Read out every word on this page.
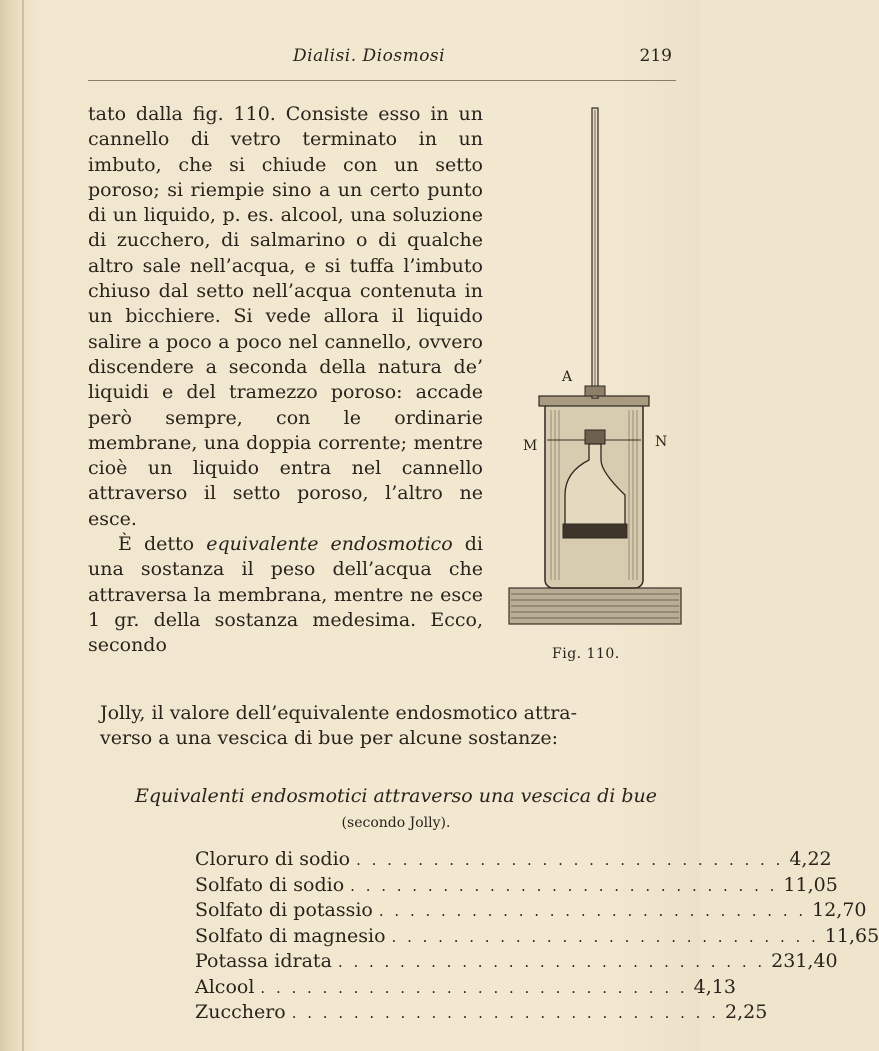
Dialisi. Diosmosi	219

tato dalla fig. 110. Consiste esso in un cannello di vetro terminato in un imbuto, che si chiude con un setto poroso; si riempie sino a un certo punto di un liquido, p. es. alcool, una soluzione di zucchero, di salmarino o di qualche altro sale nell’acqua, e si tuffa l’imbuto chiuso dal setto nell’acqua contenuta in un bicchiere. Si vede allora il liquido salire a poco a poco nel cannello, ovvero discendere a seconda della natura de’ liquidi e del tramezzo poroso: accade però sempre, con le ordinarie membrane, una doppia corrente; mentre cioè un liquido entra nel cannello attraverso il setto poroso, l’altro ne esce.

È detto equivalente endosmotico di una sostanza il peso dell’acqua che attraversa la membrana, mentre ne esce 1 gr. della sostanza medesima. Ecco, secondo

Jolly, il valore dell’equivalente endosmotico attra-
verso a una vescica di bue per alcune sostanze:
A
M	N
Fig. 110.
Equivalenti endosmotici attraverso una vescica di bue
(secondo Jolly).
Cloruro di sodio . . . . . . . . . . . . . . . . . . . . . . . . . . . . 4,22
Solfato di sodio . . . . . . . . . . . . . . . . . . . . . . . . . . . . 11,05
Solfato di potassio . . . . . . . . . . . . . . . . . . . . . . . . . . . . 12,70
Solfato di magnesio . . . . . . . . . . . . . . . . . . . . . . . . . . . . 11,65
Potassa idrata . . . . . . . . . . . . . . . . . . . . . . . . . . . . 231,40
Alcool . . . . . . . . . . . . . . . . . . . . . . . . . . . . 4,13
Zucchero . . . . . . . . . . . . . . . . . . . . . . . . . . . . 2,25
